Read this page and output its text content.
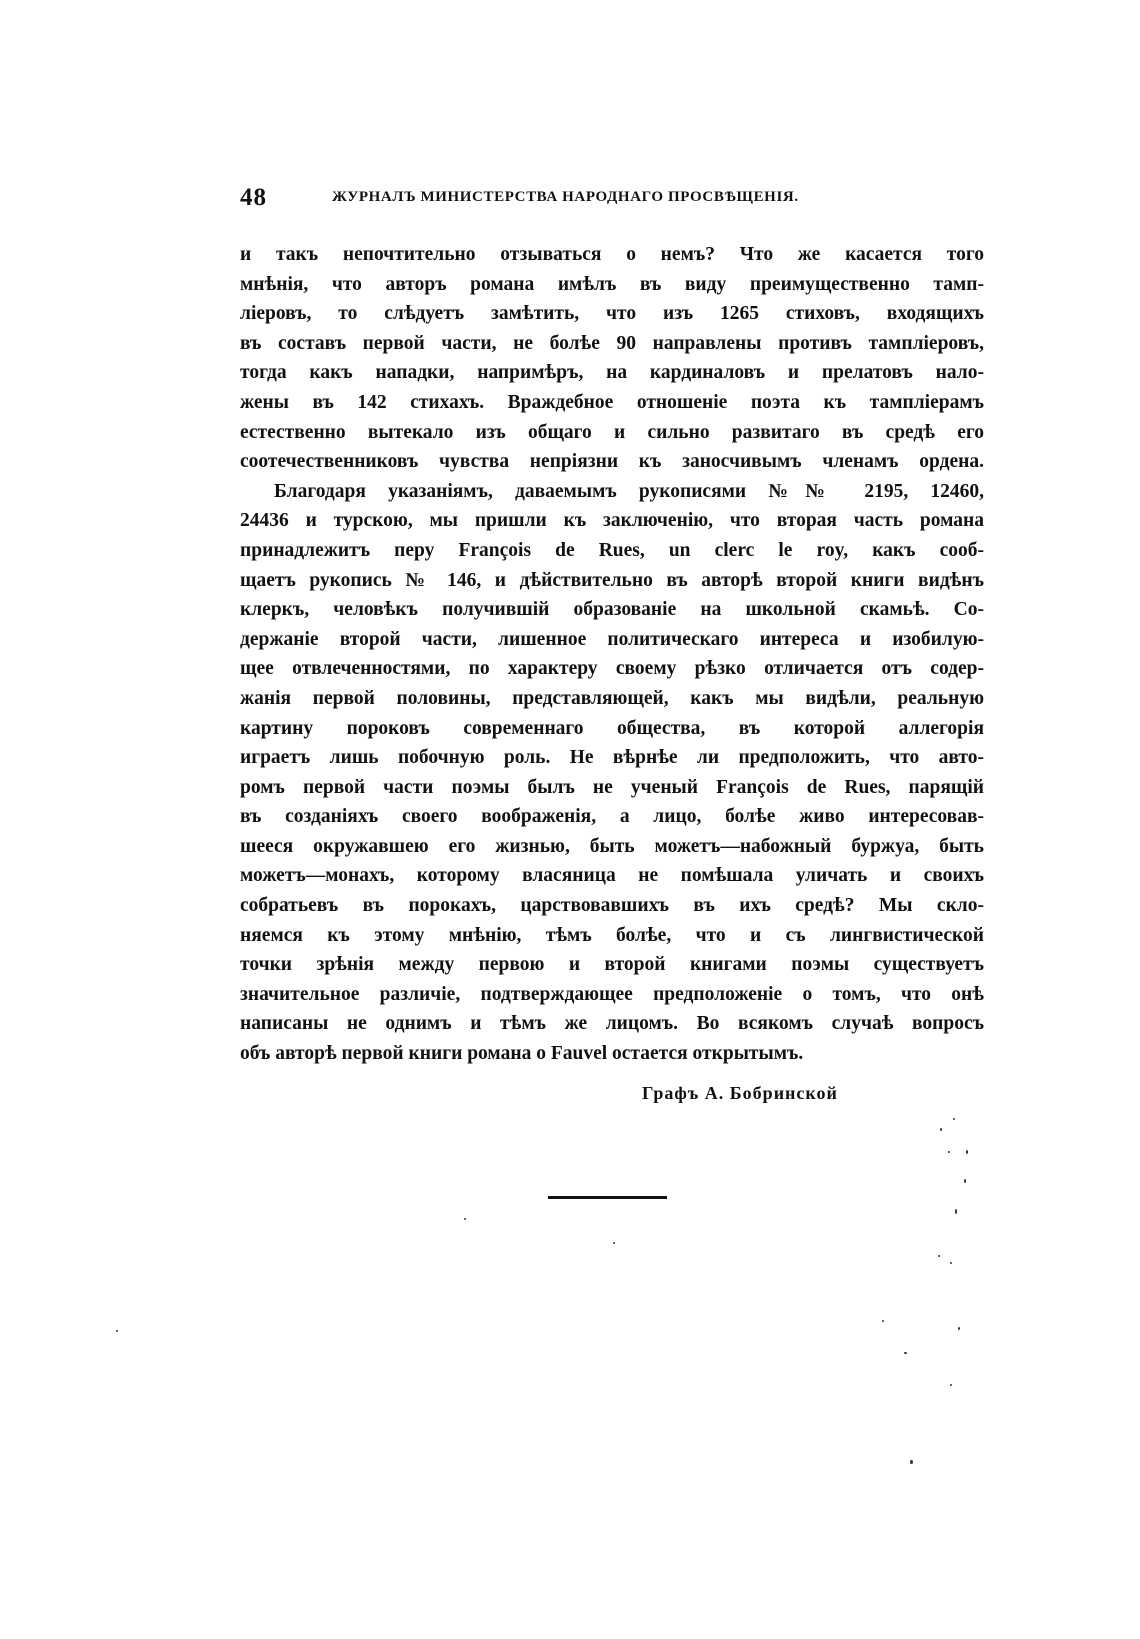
48	ЖУРНАЛЪ МИНИСТЕРСТВА НАРОДНАГО ПРОСВѢЩЕНІЯ.
и такъ непочтительно отзываться о немъ? Что же касается того
мнѣнія, что авторъ романа имѣлъ въ виду преимущественно тамп-
ліеровъ, то слѣдуетъ замѣтить, что изъ 1265 стиховъ, входящихъ
въ составъ первой части, не болѣе 90 направлены противъ тампліеровъ,
тогда какъ нападки, напримѣръ, на кардиналовъ и прелатовъ нало-
жены въ 142 стихахъ. Враждебное отношеніе поэта къ тампліерамъ
естественно вытекало изъ общаго и сильно развитаго въ средѣ его
соотечественниковъ чувства непріязни къ заносчивымъ членамъ ордена.
Благодаря указаніямъ, даваемымъ рукописями №№ 2195, 12460,
24436 и турскою, мы пришли къ заключенію, что вторая часть романа
принадлежитъ перу François de Rues, un clerc le roy, какъ сооб-
щаетъ рукопись № 146, и дѣйствительно въ авторѣ второй книги видѣнъ
клеркъ, человѣкъ получившій образованіе на школьной скамьѣ. Со-
держаніе второй части, лишенное политическаго интереса и изобилую-
щее отвлеченностями, по характеру своему рѣзко отличается отъ содер-
жанія первой половины, представляющей, какъ мы видѣли, реальную
картину пороковъ современнаго общества, въ которой аллегорія
играетъ лишь побочную роль. Не вѣрнѣе ли предположить, что авто-
ромъ первой части поэмы былъ не ученый François de Rues, парящій
въ созданіяхъ своего воображенія, а лицо, болѣе живо интересовав-
шееся окружавшею его жизнью, быть можетъ—набожный буржуа, быть
можетъ—монахъ, которому власяница не помѣшала уличать и своихъ
собратьевъ въ порокахъ, царствовавшихъ въ ихъ средѣ? Мы скло-
няемся къ этому мнѣнію, тѣмъ болѣе, что и съ лингвистической
точки зрѣнія между первою и второй книгами поэмы существуетъ
значительное различіе, подтверждающее предположеніе о томъ, что онѣ
написаны не однимъ и тѣмъ же лицомъ. Во всякомъ случаѣ вопросъ
объ авторѣ первой книги романа о Fauvel остается открытымъ.
Графъ А. Бобринской
